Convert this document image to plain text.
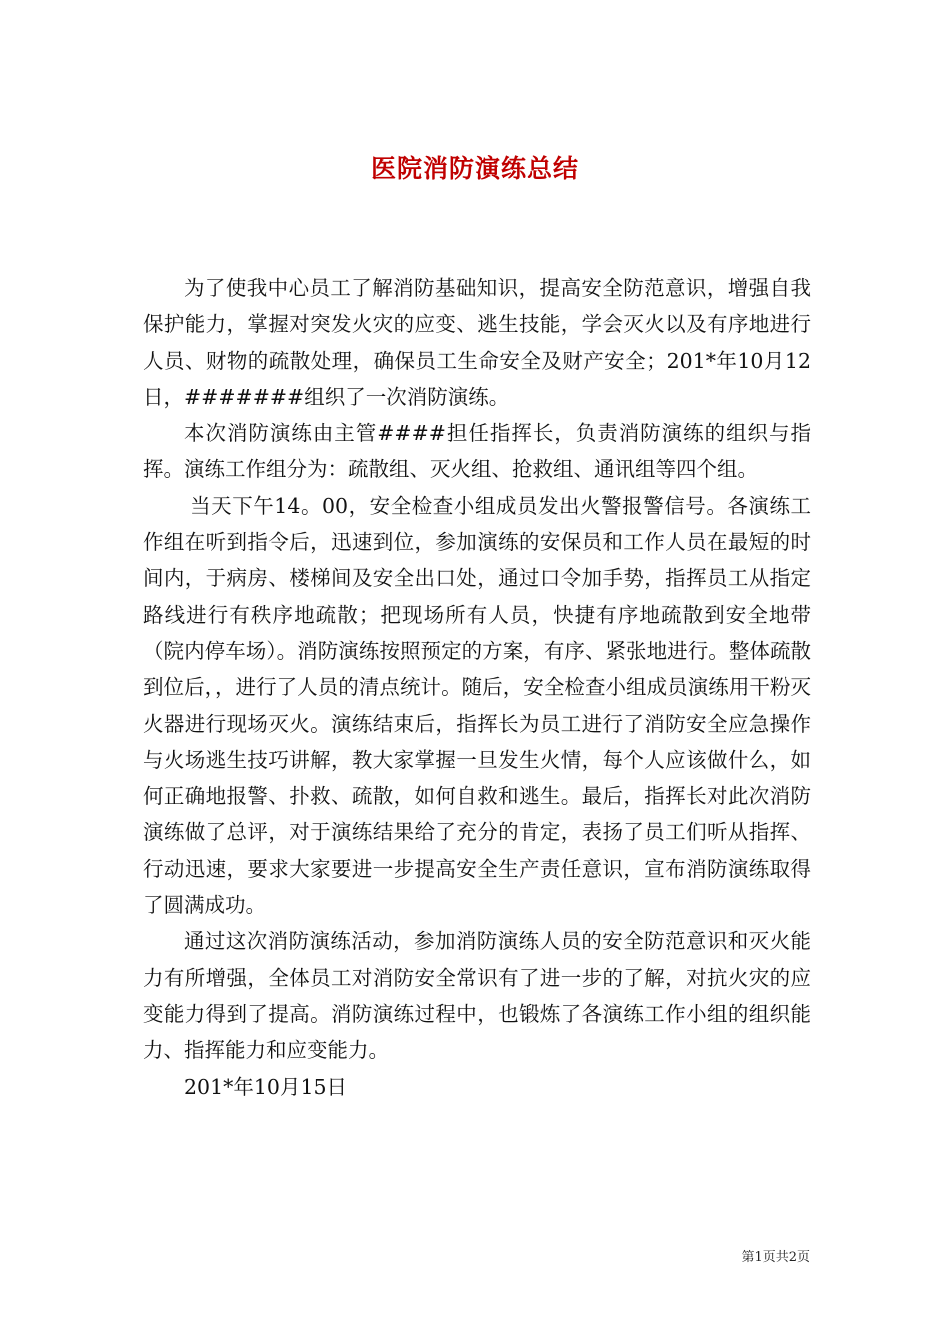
医院消防演练总结

为了使我中心员工了解消防基础知识，提高安全防范意识，增强自我保护能力，掌握对突发火灾的应变、逃生技能，学会灭火以及有序地进行人员、财物的疏散处理，确保员工生命安全及财产安全；201*年10月12日，#######组织了一次消防演练。

本次消防演练由主管####担任指挥长，负责消防演练的组织与指挥。演练工作组分为：疏散组、灭火组、抢救组、通讯组等四个组。

当天下午14。00，安全检查小组成员发出火警报警信号。各演练工作组在听到指令后，迅速到位，参加演练的安保员和工作人员在最短的时间内，于病房、楼梯间及安全出口处，通过口令加手势，指挥员工从指定路线进行有秩序地疏散；把现场所有人员，快捷有序地疏散到安全地带（院内停车场）。消防演练按照预定的方案，有序、紧张地进行。整体疏散到位后，，进行了人员的清点统计。随后，安全检查小组成员演练用干粉灭火器进行现场灭火。演练结束后，指挥长为员工进行了消防安全应急操作与火场逃生技巧讲解，教大家掌握一旦发生火情，每个人应该做什么，如何正确地报警、扑救、疏散，如何自救和逃生。最后，指挥长对此次消防演练做了总评，对于演练结果给了充分的肯定，表扬了员工们听从指挥、行动迅速，要求大家要进一步提高安全生产责任意识，宣布消防演练取得了圆满成功。

通过这次消防演练活动，参加消防演练人员的安全防范意识和灭火能力有所增强，全体员工对消防安全常识有了进一步的了解，对抗火灾的应变能力得到了提高。消防演练过程中，也锻炼了各演练工作小组的组织能力、指挥能力和应变能力。

201*年10月15日

第1页共2页
